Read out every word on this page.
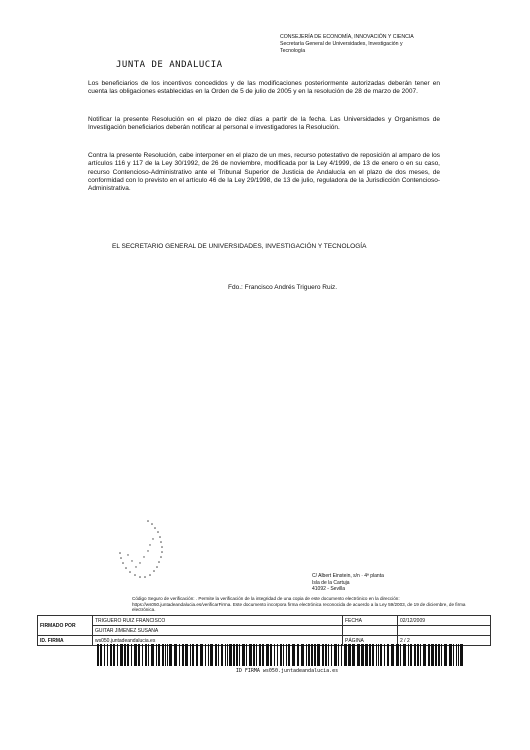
JUNTA DE ANDALUCIA
CONSEJERÍA DE ECONOMÍA, INNOVACIÓN Y CIENCIA
Secretaría General de Universidades, Investigación y
Tecnología
Los beneficiarios de los incentivos concedidos y de las modificaciones posteriormente autorizadas deberán tener en cuenta las obligaciones establecidas en la Orden de 5 de julio de 2005 y en la resolución de 28 de marzo de 2007.
Notificar la presente Resolución en el plazo de diez días a partir de la fecha. Las Universidades y Organismos de Investigación beneficiarios deberán notificar al personal e investigadores la Resolución.
Contra la presente Resolución, cabe interponer en el plazo de un mes, recurso potestativo de reposición al amparo de los artículos 116 y 117 de la Ley 30/1992, de 26 de noviembre, modificada por la Ley 4/1999, de 13 de enero o en su caso, recurso Contencioso-Administrativo ante el Tribunal Superior de Justicia de Andalucía en el plazo de dos meses, de conformidad con lo previsto en el artículo 46 de la Ley 29/1998, de 13 de julio, reguladora de la Jurisdicción Contencioso-Administrativa.
EL SECRETARIO GENERAL DE UNIVERSIDADES, INVESTIGACIÓN Y TECNOLOGÍA
Fdo.: Francisco Andrés Triguero Ruiz.
C/ Albert Einstein, s/n · 4ª planta
Isla de la Cartuja
41092 - Sevilla
Código Seguro de verificación: . Permite la verificación de la integridad de una copia de este documento electrónico en la dirección: https://ws050.juntadeandalucia.es/verificarFirma. Este documento incorpora firma electrónica reconocida de acuerdo a la Ley 59/2003, de 19 de diciembre, de firma electrónica.
FIRMADO POR	TRIGUERO RUIZ FRANCISCO	FECHA	02/12/2009
	GUITAR JIMENEZ SUSANA		
ID. FIRMA	ws050.juntadeandalucia.es	PÁGINA	2 / 2
ID FIRMA ws050.juntadeandalucia.es
